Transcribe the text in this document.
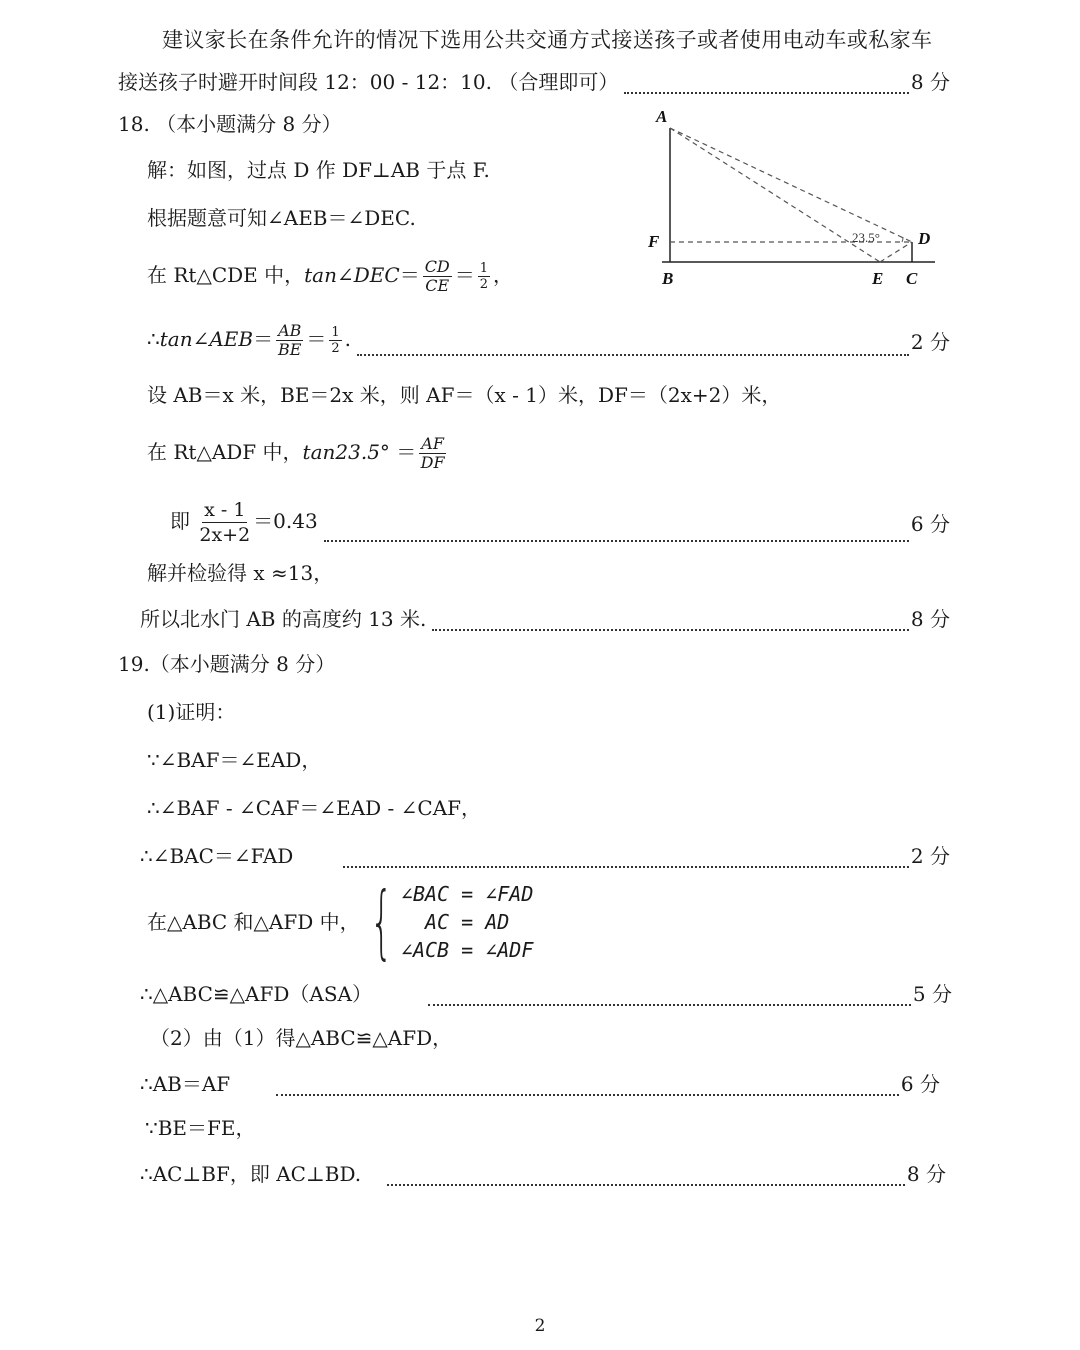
建议家长在条件允许的情况下选用公共交通方式接送孩子或者使用电动车或私家车
接送孩子时避开时间段 12：00 - 12：10. （合理即可）	8 分
18. （本小题满分 8 分）
解：如图，过点 D 作 DF⊥AB 于点 F.
根据题意可知∠AEB＝∠DEC.
在 Rt△CDE 中，tan∠DEC＝ $\frac{CD}{CE} = \frac{1}{2}$ ，
∴tan∠AEB＝ $\frac{AB}{BE} = \frac{1}{2}$ .	2 分
设 AB＝x 米，BE＝2x 米，则 AF＝（x - 1）米，DF＝（2x+2）米，
在 Rt△ADF 中，$\tan 23.5^\circ = \frac{AF}{DF}$
即 $\frac{x - 1}{2x+2} =0.43$	6 分
解并检验得 x ≈13，
所以北水门 AB 的高度约 13 米.	8 分
A
F
B	E C
D
23.5°
19.（本小题满分 8 分）
(1)证明：
∵∠BAF＝∠EAD，
∴∠BAF - ∠CAF＝∠EAD - ∠CAF，
∴∠BAC＝∠FAD	2 分
在△ABC 和△AFD 中， { ∠BAC = ∠FAD
AC = AD
∠ACB = ∠ADF
∴△ABC≌△AFD（ASA）	5 分
（2）由（1）得△ABC≌△AFD，
∴AB＝AF	6 分
∵BE＝FE，
∴AC⊥BF，即 AC⊥BD.	8 分
2
